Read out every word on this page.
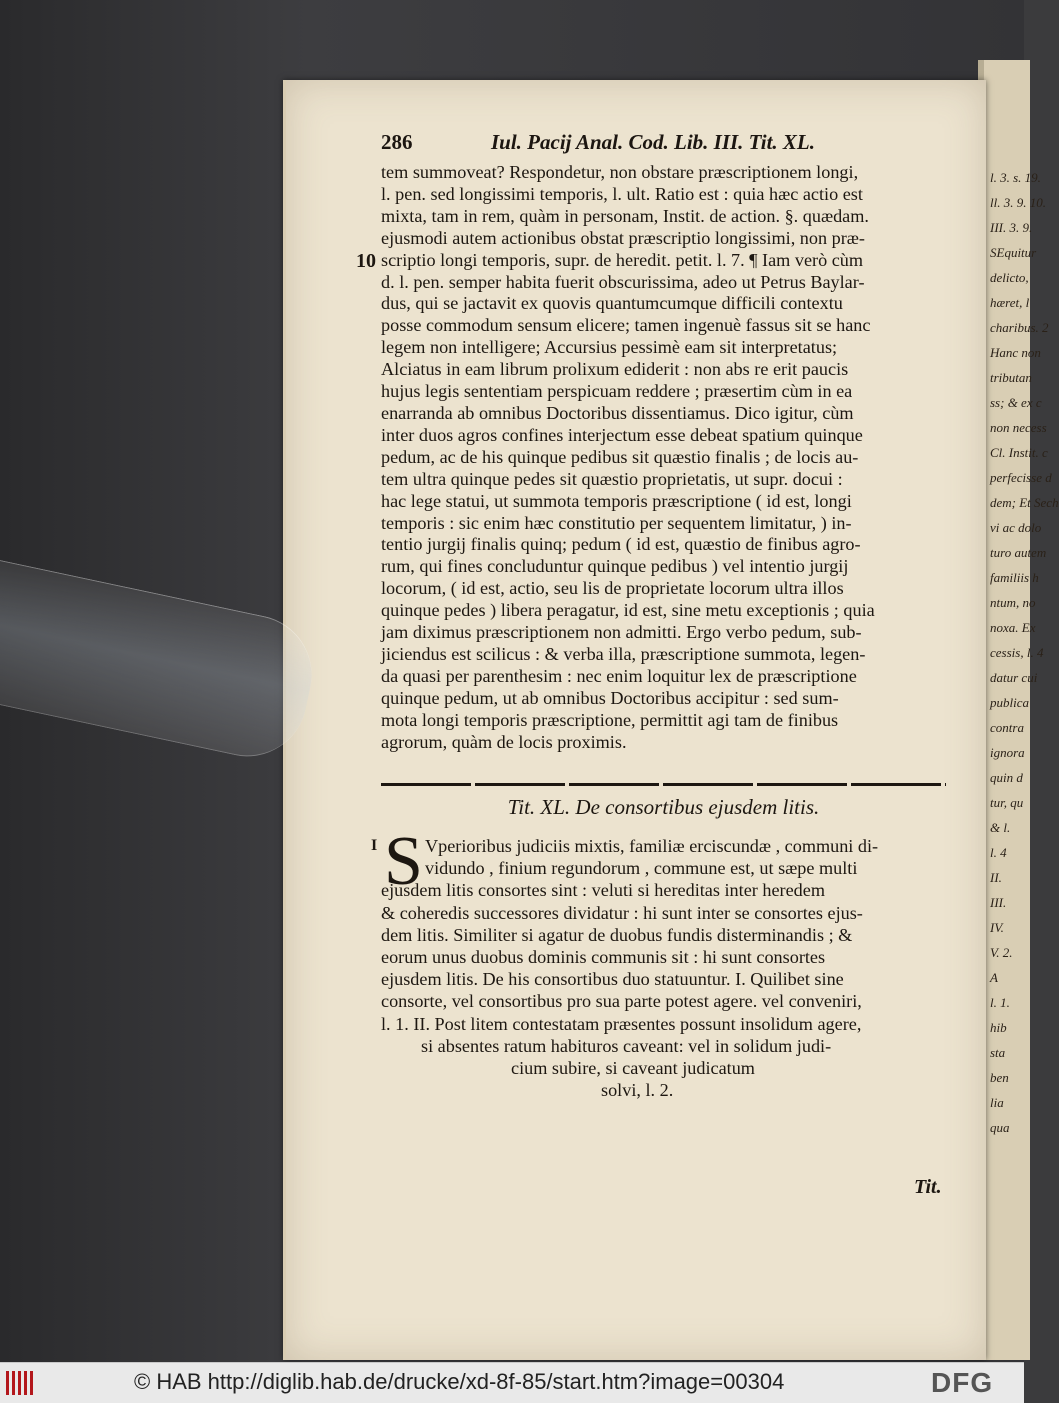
l. 3. s. 19.
ll. 3. 9. 10.
III. 3. 9.
SEquitur
delicto,
hæret, l
charibus. 2
Hanc non
tributan
ss; & ex c
non necess
Cl. Instit. c
perfecisse d
dem; Et Sech
vi ac dolo
turo autem
familiis h
ntum, no
noxa. Ex
cessis, l. 4
datur cui
publica
contra
ignora
quin d
tur, qu
& l.
l. 4
II.
III.
IV.
V. 2.
A
l. 1.
hib
sta
ben
lia
qua
286	Iul. Pacij Anal. Cod. Lib. III. Tit. XL.
10
tem summoveat? Respondetur, non obstare præscriptionem longi,
l. pen. sed longissimi temporis, l. ult. Ratio est : quia hæc actio est
mixta, tam in rem, quàm in personam, Instit. de action. §. quædam.
ejusmodi autem actionibus obstat præscriptio longissimi, non præ-
scriptio longi temporis, supr. de heredit. petit. l. 7. ¶ Iam verò cùm
d. l. pen. semper habita fuerit obscurissima, adeo ut Petrus Baylar-
dus, qui se jactavit ex quovis quantumcumque difficili contextu
posse commodum sensum elicere; tamen ingenuè fassus sit se hanc
legem non intelligere; Accursius pessimè eam sit interpretatus;
Alciatus in eam librum prolixum ediderit : non abs re erit paucis
hujus legis sententiam perspicuam reddere ; præsertim cùm in ea
enarranda ab omnibus Doctoribus dissentiamus. Dico igitur, cùm
inter duos agros confines interjectum esse debeat spatium quinque
pedum, ac de his quinque pedibus sit quæstio finalis ; de locis au-
tem ultra quinque pedes sit quæstio proprietatis, ut supr. docui :
hac lege statui, ut summota temporis præscriptione ( id est, longi
temporis : sic enim hæc constitutio per sequentem limitatur, ) in-
tentio jurgij finalis quinq; pedum ( id est, quæstio de finibus agro-
rum, qui fines concluduntur quinque pedibus ) vel intentio jurgij
locorum, ( id est, actio, seu lis de proprietate locorum ultra illos
quinque pedes ) libera peragatur, id est, sine metu exceptionis ; quia
jam diximus præscriptionem non admitti. Ergo verbo pedum, sub-
jiciendus est scilicus : & verba illa, præscriptione summota, legen-
da quasi per parenthesim : nec enim loquitur lex de præscriptione
quinque pedum, ut ab omnibus Doctoribus accipitur : sed sum-
mota longi temporis præscriptione, permittit agi tam de finibus
agrorum, quàm de locis proximis.
Tit. XL. De consortibus ejusdem litis.
I S Vperioribus judiciis mixtis, familiæ erciscundæ , communi di-
vidundo , finium regundorum , commune est, ut sæpe multi
ejusdem litis consortes sint : veluti si hereditas inter heredem
& coheredis successores dividatur : hi sunt inter se consortes ejus-
dem litis. Similiter si agatur de duobus fundis disterminandis ; &
eorum unus duobus dominis communis sit : hi sunt consortes
ejusdem litis. De his consortibus duo statuuntur. I. Quilibet sine
consorte, vel consortibus pro sua parte potest agere. vel conveniri,
l. 1. II. Post litem contestatam præsentes possunt insolidum agere,
si absentes ratum habituros caveant: vel in solidum judi-
cium subire, si caveant judicatum
solvi, l. 2.
Tit.
© HAB http://diglib.hab.de/drucke/xd-8f-85/start.htm?image=00304	DFG
